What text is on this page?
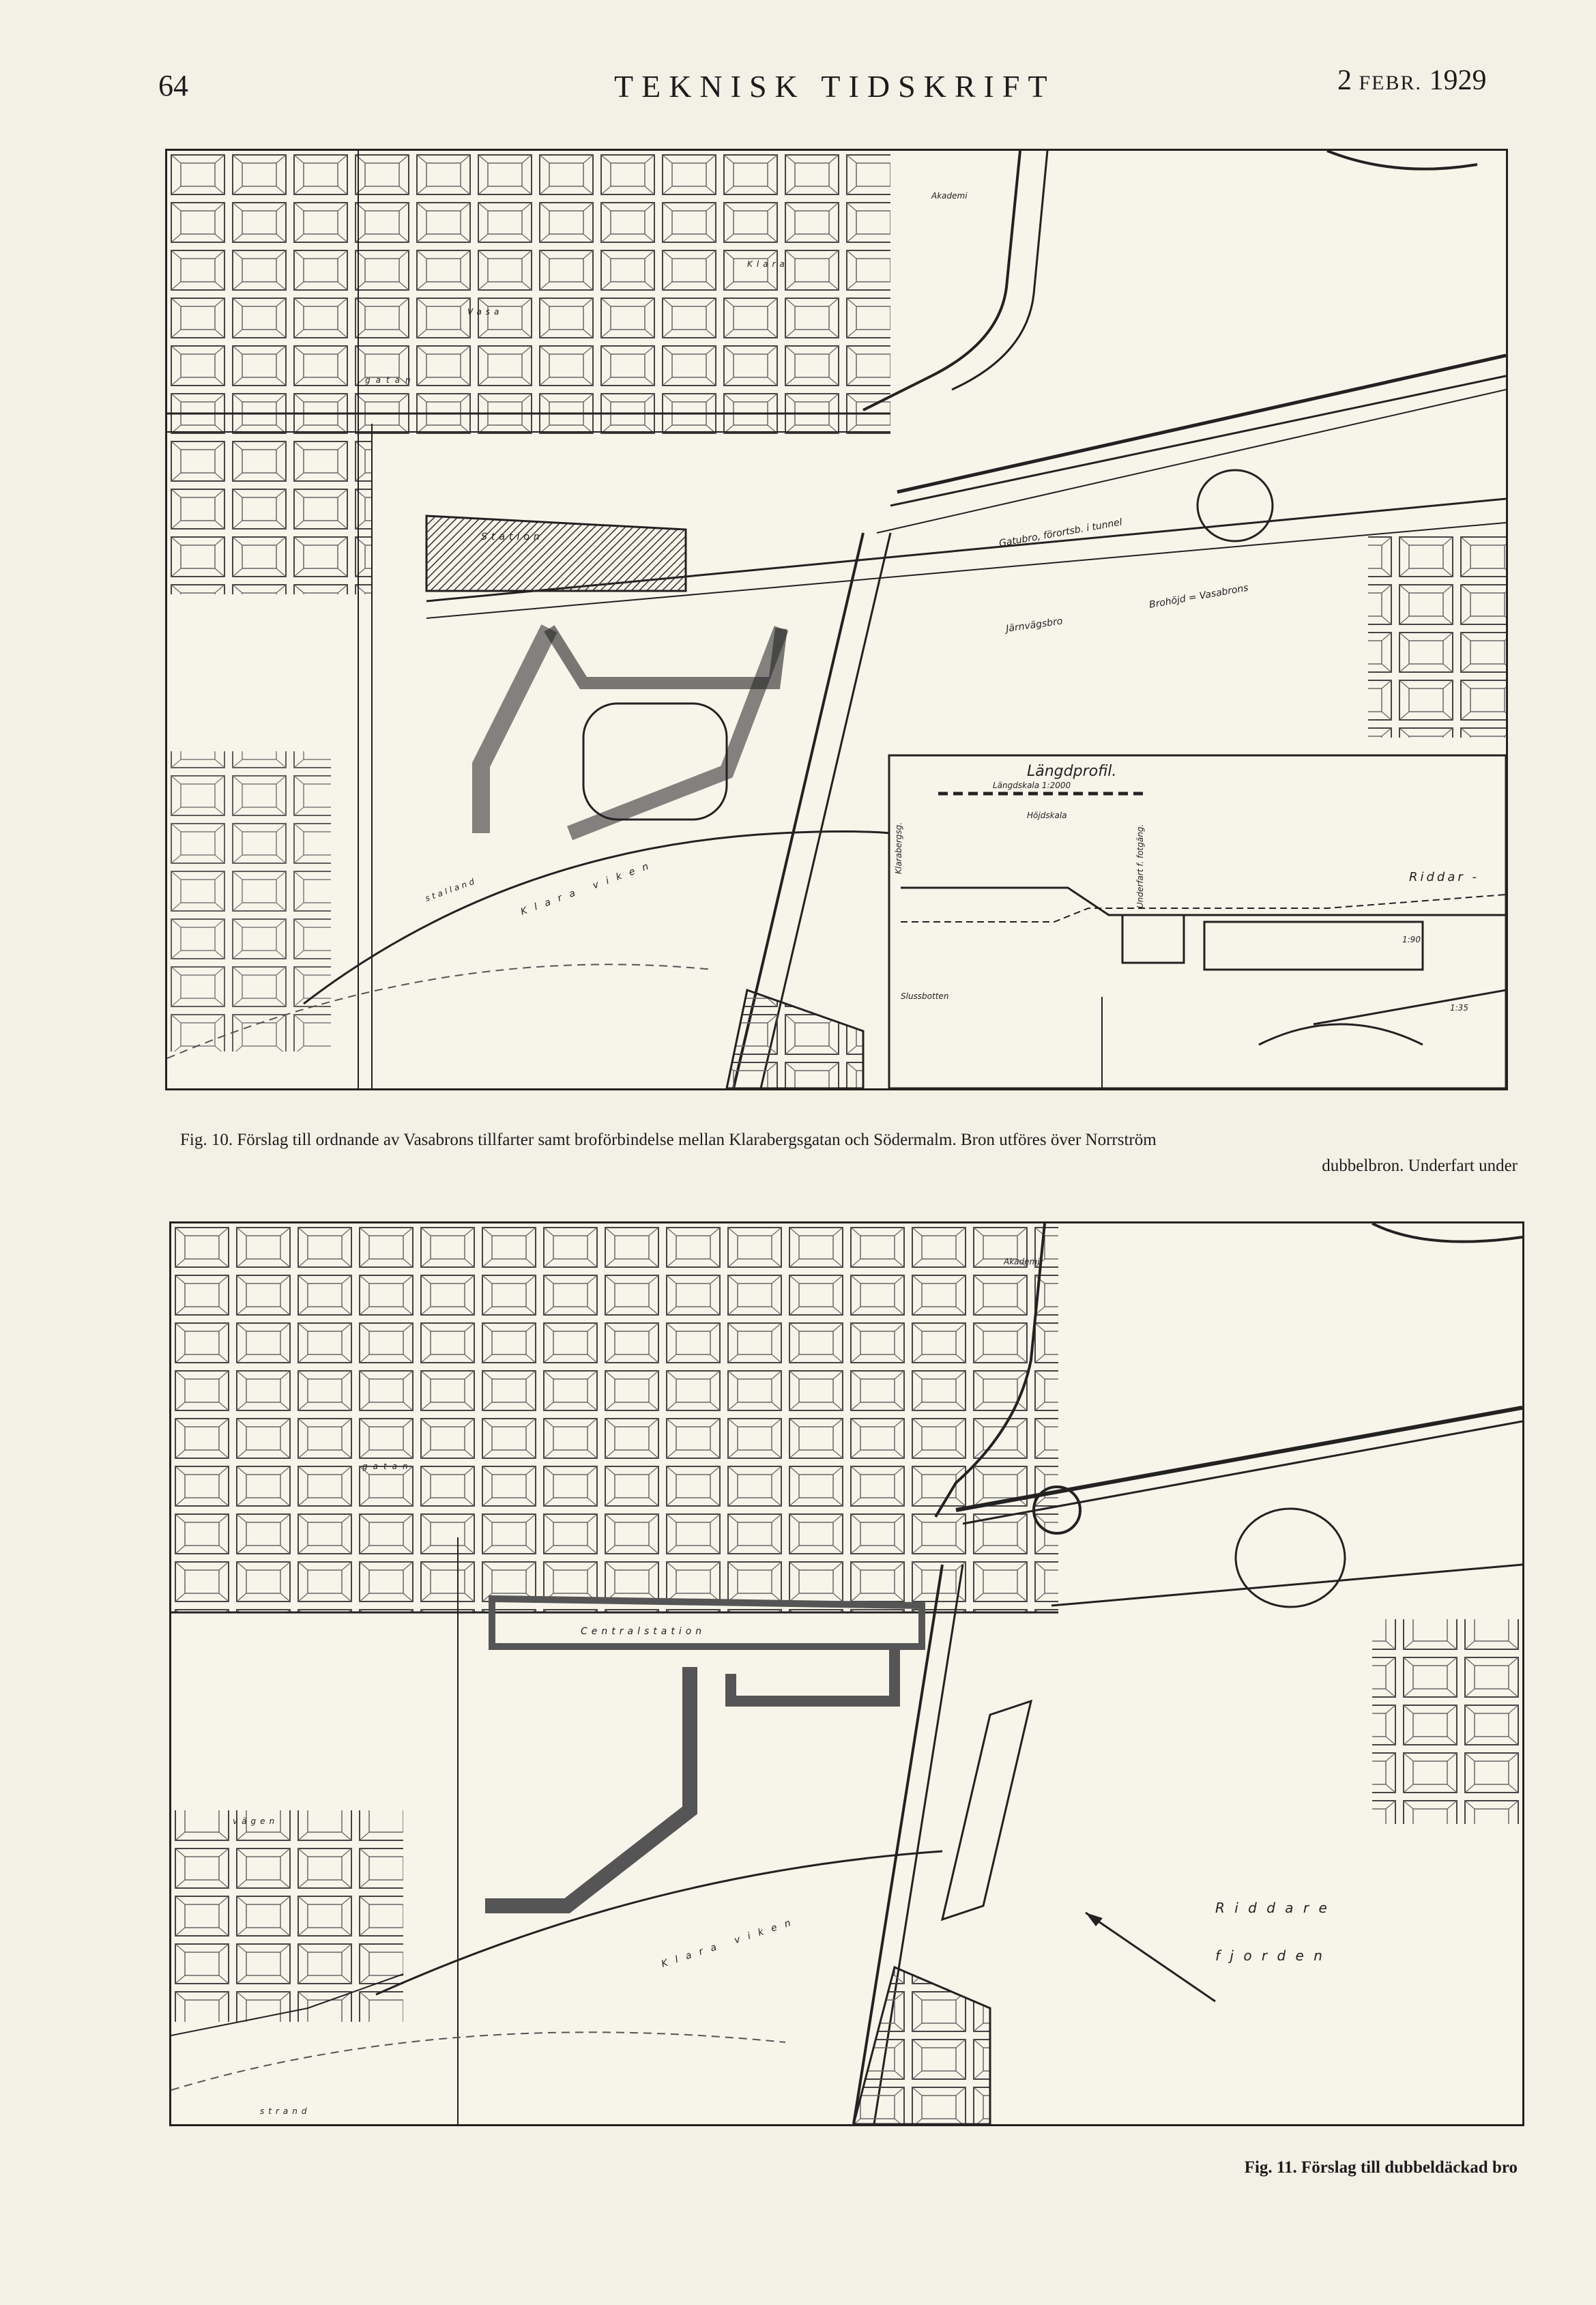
64	TEKNISK TIDSKRIFT	2 FEBR. 1929
Längdprofil.
Längdskala 1:2000
Höjdskala
Klarabergsg.	Underfart f. fotgäng.
Slussbotten
1:90
1:35
Gatubro, förortsb. i tunnel
Järnvägsbro
Brohöjd = Vasabrons
Klara viken	Riddar -
Station
Klara
Akademi
stalland
gatan
Vasa
Fig. 10. Förslag till ordnande av Vasabrons tillfarter samt broförbindelse mellan Klarabergsgatan och Södermalm. Bron utföres över Norrström
dubbelbron. Underfart under
R i d d a r e
f j o r d e n
Klara viken
Centralstation
vägen
strand
gatan
Akademi
Fig. 11. Förslag till dubbeldäckad bro
